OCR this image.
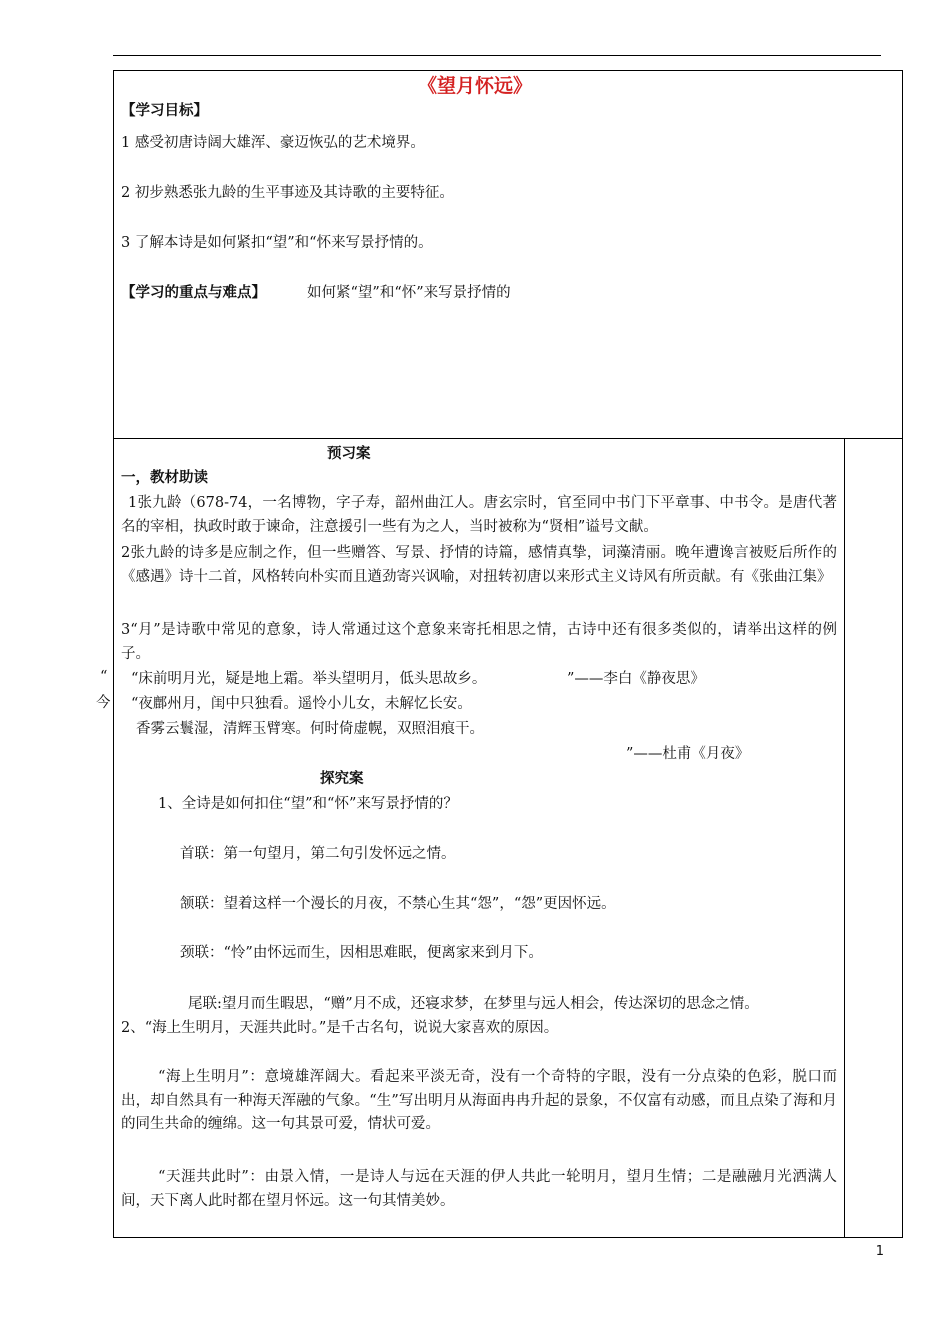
《望月怀远》
【学习目标】
1 感受初唐诗阔大雄浑、豪迈恢弘的艺术境界。
2 初步熟悉张九龄的生平事迹及其诗歌的主要特征。
3 了解本诗是如何紧扣“望”和“怀来写景抒情的。
【学习的重点与难点】	如何紧“望”和“怀”来写景抒情的
预习案
一，教材助读
1张九龄（678-74，一名博物，字子寿，韶州曲江人。唐玄宗时，官至同中书门下平章事、中书令。是唐代著名的宰相，执政时敢于谏命，注意援引一些有为之人，当时被称为“贤相”谥号文献。
2张九龄的诗多是应制之作，但一些赠答、写景、抒情的诗篇，感情真挚，词藻清丽。晚年遭谗言被贬后所作的《感遇》诗十二首，风格转向朴实而且遒劲寄兴讽喻，对扭转初唐以来形式主义诗风有所贡献。有《张曲江集》
3“月”是诗歌中常见的意象，诗人常通过这个意象来寄托相思之情，古诗中还有很多类似的，请举出这样的例子。
“
今
“床前明月光，疑是地上霜。举头望明月，低头思故乡。	”——李白《静夜思》
“夜鄜州月，闺中只独看。遥怜小儿女，未解忆长安。
香雾云鬟湿，清辉玉臂寒。何时倚虚幌，双照泪痕干。
”——杜甫《月夜》
探究案
1、全诗是如何扣住“望”和“怀”来写景抒情的？
首联：第一句望月，第二句引发怀远之情。
颔联：望着这样一个漫长的月夜，不禁心生其“怨”，“怨”更因怀远。
颈联：“怜”由怀远而生，因相思难眠，便离家来到月下。
尾联:望月而生暇思，“赠”月不成，还寝求梦，在梦里与远人相会，传达深切的思念之情。
2、“海上生明月，天涯共此时。”是千古名句，说说大家喜欢的原因。
“海上生明月”：意境雄浑阔大。看起来平淡无奇，没有一个奇特的字眼，没有一分点染的色彩，脱口而出，却自然具有一种海天浑融的气象。“生”写出明月从海面冉冉升起的景象，不仅富有动感，而且点染了海和月的同生共命的缠绵。这一句其景可爱，情状可爱。
“天涯共此时”：由景入情，一是诗人与远在天涯的伊人共此一轮明月，望月生情；二是融融月光洒满人间，天下离人此时都在望月怀远。这一句其情美妙。
1
